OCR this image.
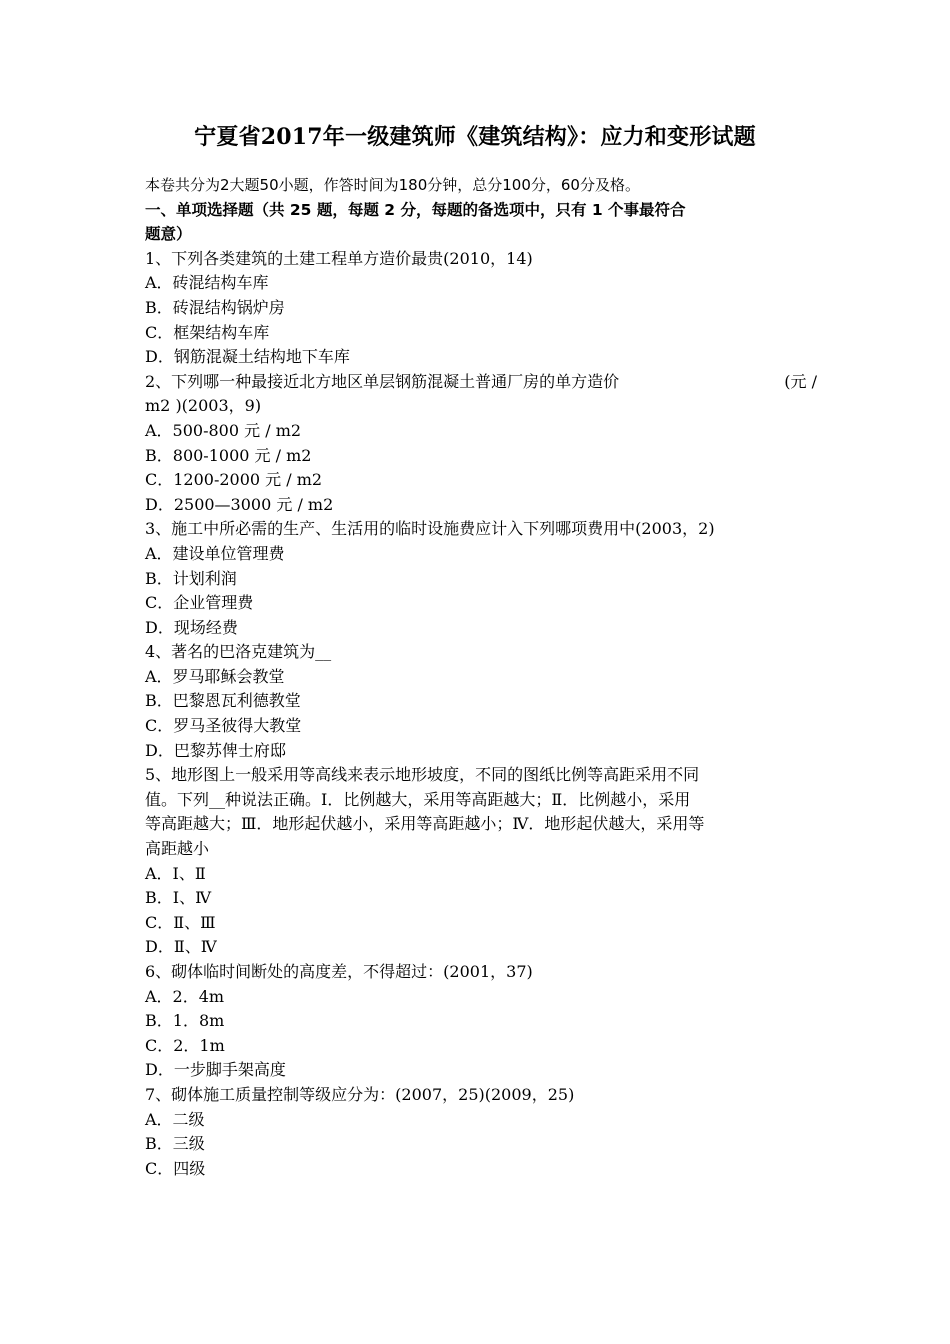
宁夏省2017年一级建筑师《建筑结构》：应力和变形试题
本卷共分为2大题50小题，作答时间为180分钟，总分100分，60分及格。
一、单项选择题（共 25 题，每题 2 分，每题的备选项中，只有 1 个事最符合
题意）
1、下列各类建筑的土建工程单方造价最贵(2010，14)
A．砖混结构车库
B．砖混结构锅炉房
C．框架结构车库
D．钢筋混凝土结构地下车库
2、下列哪一种最接近北方地区单层钢筋混凝土普通厂房的单方造价	(元 /
m2 )(2003，9)
A．500-800 元 / m2
B．800-1000 元 / m2
C．1200-2000 元 / m2
D．2500—3000 元 / m2
3、施工中所必需的生产、生活用的临时设施费应计入下列哪项费用中(2003，2)
A．建设单位管理费
B．计划利润
C．企业管理费
D．现场经费
4、著名的巴洛克建筑为__
A．罗马耶稣会教堂
B．巴黎恩瓦利德教堂
C．罗马圣彼得大教堂
D．巴黎苏俾士府邸
5、地形图上一般采用等高线来表示地形坡度，不同的图纸比例等高距采用不同
值。下列__种说法正确。Ⅰ．比例越大，采用等高距越大；Ⅱ．比例越小，采用
等高距越大；Ⅲ．地形起伏越小，采用等高距越小；Ⅳ．地形起伏越大，采用等
高距越小
A．Ⅰ、Ⅱ
B．Ⅰ、Ⅳ
C．Ⅱ、Ⅲ
D．Ⅱ、Ⅳ
6、砌体临时间断处的高度差，不得超过：(2001，37)
A．2．4m
B．1．8m
C．2．1m
D．一步脚手架高度
7、砌体施工质量控制等级应分为：(2007，25)(2009，25)
A．二级
B．三级
C．四级
